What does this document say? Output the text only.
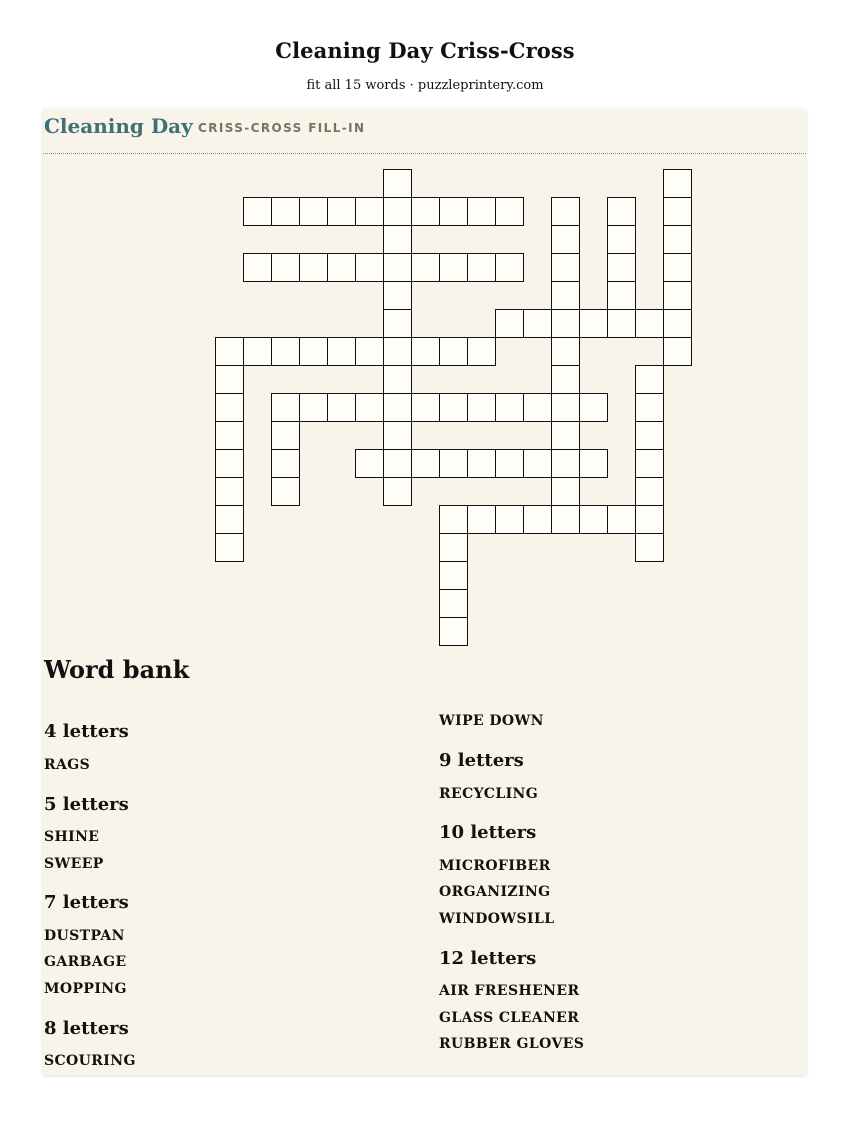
Cleaning Day Criss-Cross

fit all 15 words · puzzleprintery.com

Cleaning Day CRISS-CROSS FILL-IN
Word bank
4 letters
RAGS
5 letters
SHINE
SWEEP
7 letters
DUSTPAN
GARBAGE
MOPPING
8 letters
SCOURING
WIPE DOWN
9 letters
RECYCLING
10 letters
MICROFIBER
ORGANIZING
WINDOWSILL
12 letters
AIR FRESHENER
GLASS CLEANER
RUBBER GLOVES
